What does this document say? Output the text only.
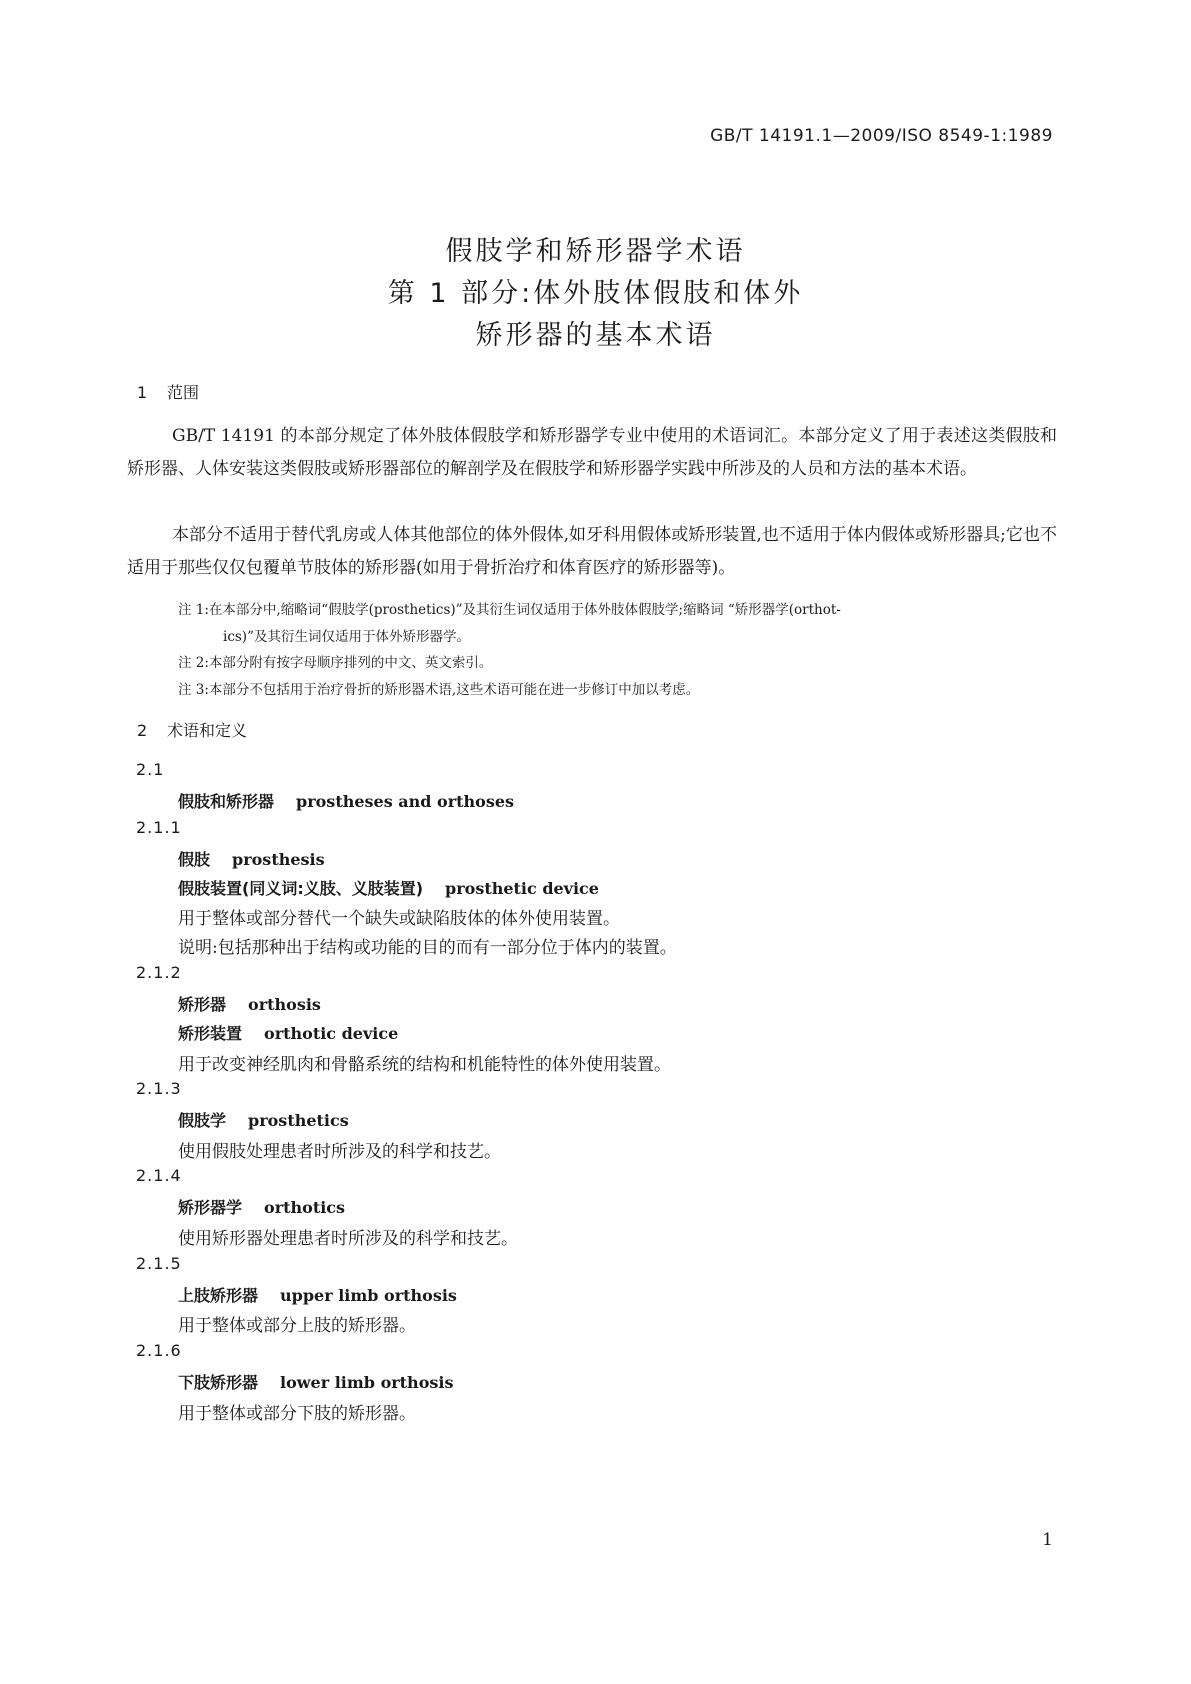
GB/T 14191.1—2009/ISO 8549-1:1989
假肢学和矫形器学术语
第 1 部分:体外肢体假肢和体外
矫形器的基本术语
1 范围
GB/T 14191 的本部分规定了体外肢体假肢学和矫形器学专业中使用的术语词汇。本部分定义了用于表述这类假肢和矫形器、人体安装这类假肢或矫形器部位的解剖学及在假肢学和矫形器学实践中所涉及的人员和方法的基本术语。
本部分不适用于替代乳房或人体其他部位的体外假体,如牙科用假体或矫形装置,也不适用于体内假体或矫形器具;它也不适用于那些仅仅包覆单节肢体的矫形器(如用于骨折治疗和体育医疗的矫形器等)。
注 1:在本部分中,缩略词“假肢学(prosthetics)”及其衍生词仅适用于体外肢体假肢学;缩略词 “矫形器学(orthot-
ics)”及其衍生词仅适用于体外矫形器学。
注 2:本部分附有按字母顺序排列的中文、英文索引。
注 3:本部分不包括用于治疗骨折的矫形器术语,这些术语可能在进一步修订中加以考虑。
2 术语和定义
2.1
假肢和矫形器 prostheses and orthoses
2.1.1
假肢 prosthesis
假肢装置(同义词:义肢、义肢装置) prosthetic device
用于整体或部分替代一个缺失或缺陷肢体的体外使用装置。
说明:包括那种出于结构或功能的目的而有一部分位于体内的装置。
2.1.2
矫形器 orthosis
矫形装置 orthotic device
用于改变神经肌肉和骨骼系统的结构和机能特性的体外使用装置。
2.1.3
假肢学 prosthetics
使用假肢处理患者时所涉及的科学和技艺。
2.1.4
矫形器学 orthotics
使用矫形器处理患者时所涉及的科学和技艺。
2.1.5
上肢矫形器 upper limb orthosis
用于整体或部分上肢的矫形器。
2.1.6
下肢矫形器 lower limb orthosis
用于整体或部分下肢的矫形器。
1
